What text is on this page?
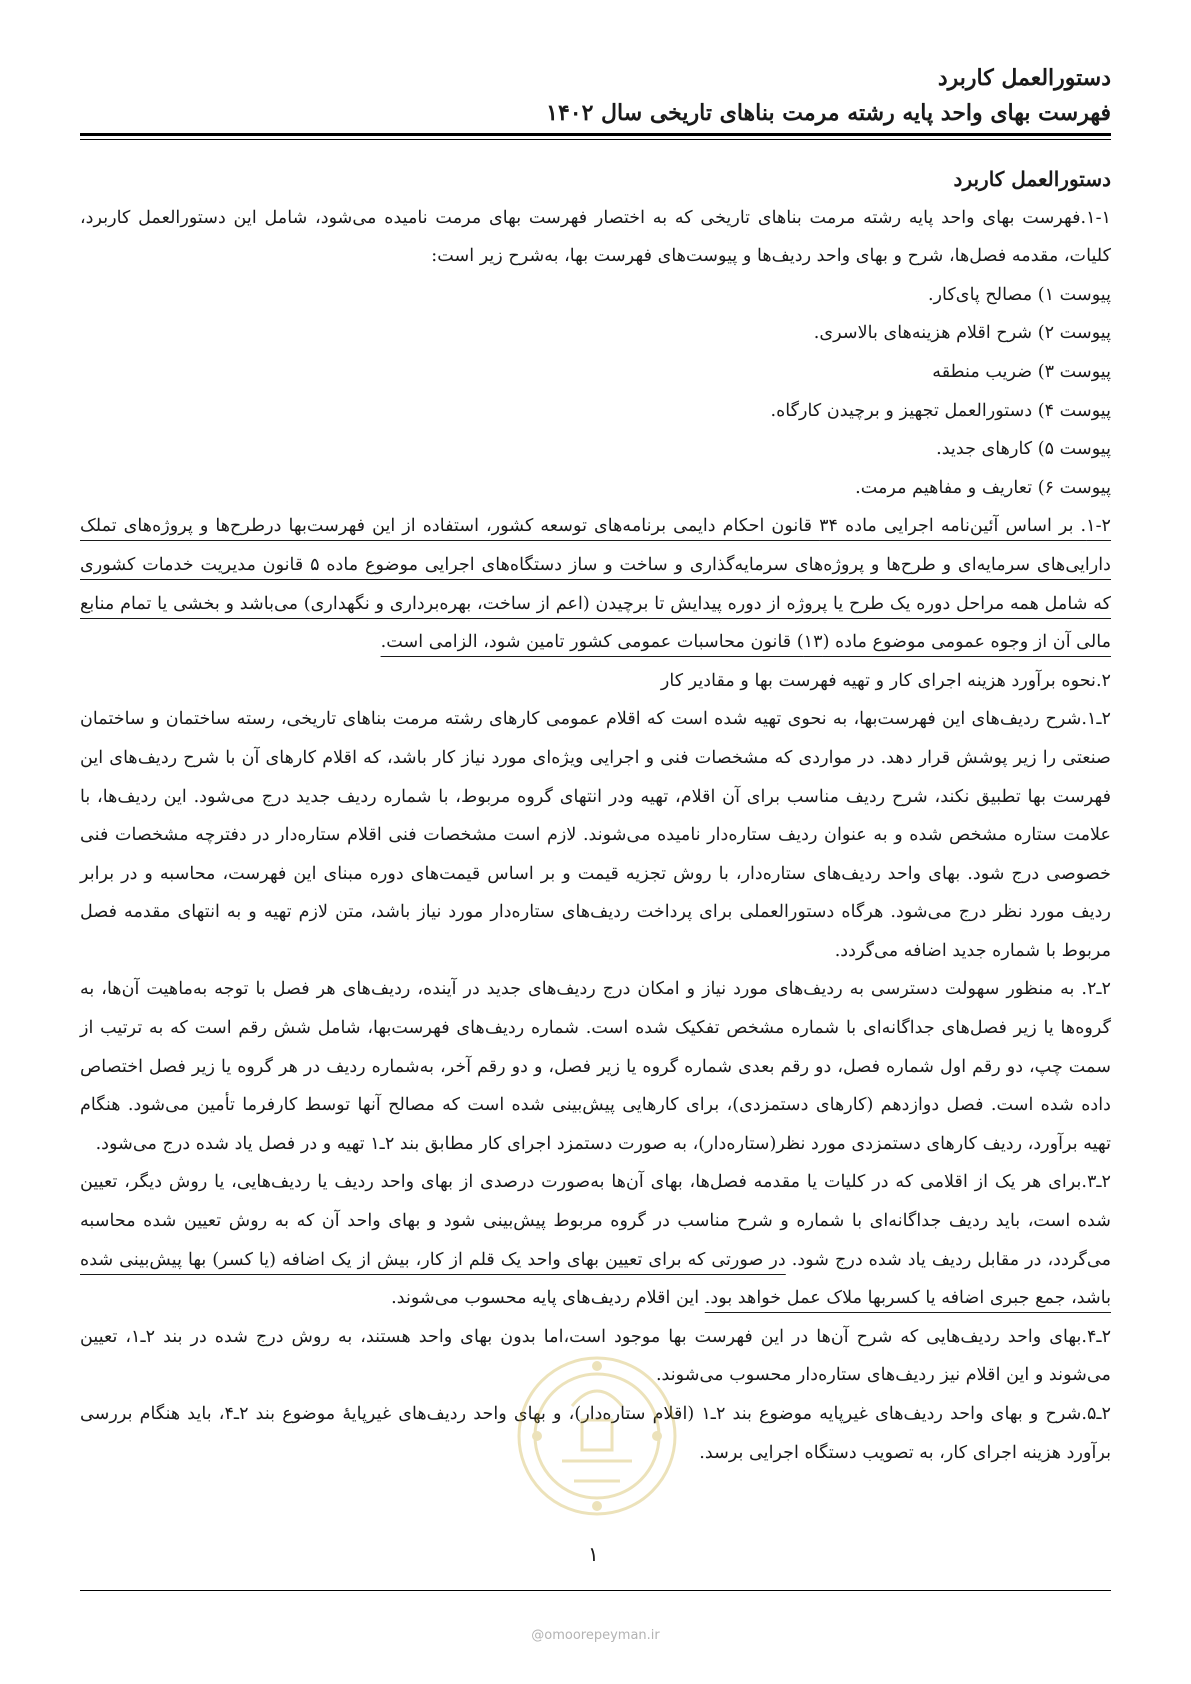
دستورالعمل کاربرد
فهرست بهای واحد پایه رشته مرمت بناهای تاریخی سال ۱۴۰۲

دستورالعمل کاربرد

۱-۱.فهرست بهای واحد پایه رشته مرمت بناهای تاریخی که به اختصار فهرست بهای مرمت نامیده می‌شود، شامل این دستورالعمل کاربرد، کلیات، مقدمه فصل‌ها، شرح و بهای واحد ردیف‌ها و پیوست‌های فهرست بها، به‌شرح زیر است:

پیوست ۱) مصالح پای‌کار.

پیوست ۲) شرح اقلام هزینه‌های بالاسری.

پیوست ۳) ضریب منطقه

پیوست ۴) دستورالعمل تجهیز و برچیدن کارگاه.

پیوست ۵) کارهای جدید.

پیوست ۶) تعاریف و مفاهیم مرمت.

۱-۲. بر اساس آئین‌نامه اجرایی ماده ۳۴ قانون احکام دایمی برنامه‌های توسعه کشور، استفاده از این فهرست‌بها درطرح‌ها و پروژه‌های تملک دارایی‌های سرمایه‌ای و طرح‌ها و پروژه‌های سرمایه‌گذاری و ساخت و ساز دستگاه‌های اجرایی موضوع ماده ۵ قانون مدیریت خدمات کشوری که شامل همه مراحل دوره یک طرح یا پروژه از دوره پیدایش تا برچیدن (اعم از ساخت، بهره‌برداری و نگهداری) می‌باشد و بخشی یا تمام منابع مالی آن از وجوه عمومی موضوع ماده (۱۳) قانون محاسبات عمومی کشور تامین شود، الزامی است.

۲.نحوه برآورد هزینه اجرای کار و تهیه فهرست بها و مقادیر کار

۲ـ۱.شرح ردیف‌های این فهرست‌بها، به نحوی تهیه شده است که اقلام عمومی کارهای رشته مرمت بناهای تاریخی، رسته ساختمان و ساختمان صنعتی را زیر پوشش قرار دهد. در مواردی که مشخصات فنی و اجرایی ویژه‌ای مورد نیاز کار باشد، که اقلام کارهای آن با شرح ردیف‌های این فهرست بها تطبیق نکند، شرح ردیف مناسب برای آن اقلام، تهیه ودر انتهای گروه مربوط، با شماره ردیف جدید درج می‌شود. این ردیف‌ها، با علامت ستاره مشخص شده و به عنوان ردیف ستاره‌دار نامیده می‌شوند. لازم است مشخصات فنی اقلام ستاره‌دار در دفترچه مشخصات فنی خصوصی درج شود. بهای واحد ردیف‌های ستاره‌دار، با روش تجزیه قیمت و بر اساس قیمت‌های دوره مبنای این فهرست، محاسبه و در برابر ردیف مورد نظر درج می‌شود. هرگاه دستورالعملی برای پرداخت ردیف‌های ستاره‌دار مورد نیاز باشد، متن لازم تهیه و به انتهای مقدمه فصل مربوط با شماره جدید اضافه می‌گردد.

۲ـ۲. به منظور سهولت دسترسی به ردیف‌های مورد نیاز و امکان درج ردیف‌های جدید در آینده، ردیف‌های هر فصل با توجه به‌ماهیت آن‌ها، به گروه‌ها یا زیر فصل‌های جداگانه‌ای با شماره مشخص تفکیک شده است. شماره ردیف‌های فهرست‌بها، شامل شش رقم است که به ترتیب از سمت چپ، دو رقم اول شماره فصل، دو رقم بعدی شماره گروه یا زیر فصل، و دو رقم آخر، به‌شماره ردیف در هر گروه یا زیر فصل اختصاص داده شده است. فصل دوازدهم (کارهای دستمزدی)، برای کارهایی پیش‌بینی شده است که مصالح آنها توسط کارفرما تأمین می‌شود. هنگام تهیه برآورد، ردیف کارهای دستمزدی مورد نظر(ستاره‌دار)، به صورت دستمزد اجرای کار مطابق بند ۲ـ۱ تهیه و در فصل یاد شده درج می‌شود.

۲ـ۳.برای هر یک از اقلامی که در کلیات یا مقدمه فصل‌ها، بهای آن‌ها به‌صورت درصدی از بهای واحد ردیف یا ردیف‌هایی، یا روش دیگر، تعیین شده است، باید ردیف جداگانه‌ای با شماره و شرح مناسب در گروه مربوط پیش‌بینی شود و بهای واحد آن که به روش تعیین شده محاسبه می‌گردد، در مقابل ردیف یاد شده درج شود. در صورتی که برای تعیین بهای واحد یک قلم از کار، بیش از یک اضافه (یا کسر) بها پیش‌بینی شده باشد، جمع جبری اضافه یا کسربها ملاک عمل خواهد بود. این اقلام ردیف‌های پایه محسوب می‌شوند.

۲ـ۴.بهای واحد ردیف‌هایی که شرح آن‌ها در این فهرست بها موجود است،اما بدون بهای واحد هستند، به روش درج شده در بند ۲ـ۱، تعیین می‌شوند و این اقلام نیز ردیف‌های ستاره‌دار محسوب می‌شوند.

۲ـ۵.شرح و بهای واحد ردیف‌های غیرپایه موضوع بند ۲ـ۱ (اقلام ستاره‌دار)، و بهای واحد ردیف‌های غیرپایهٔ موضوع بند ۲ـ۴، باید هنگام بررسی برآورد هزینه اجرای کار، به تصویب دستگاه اجرایی برسد.

۱
@omoorepeyman.ir
